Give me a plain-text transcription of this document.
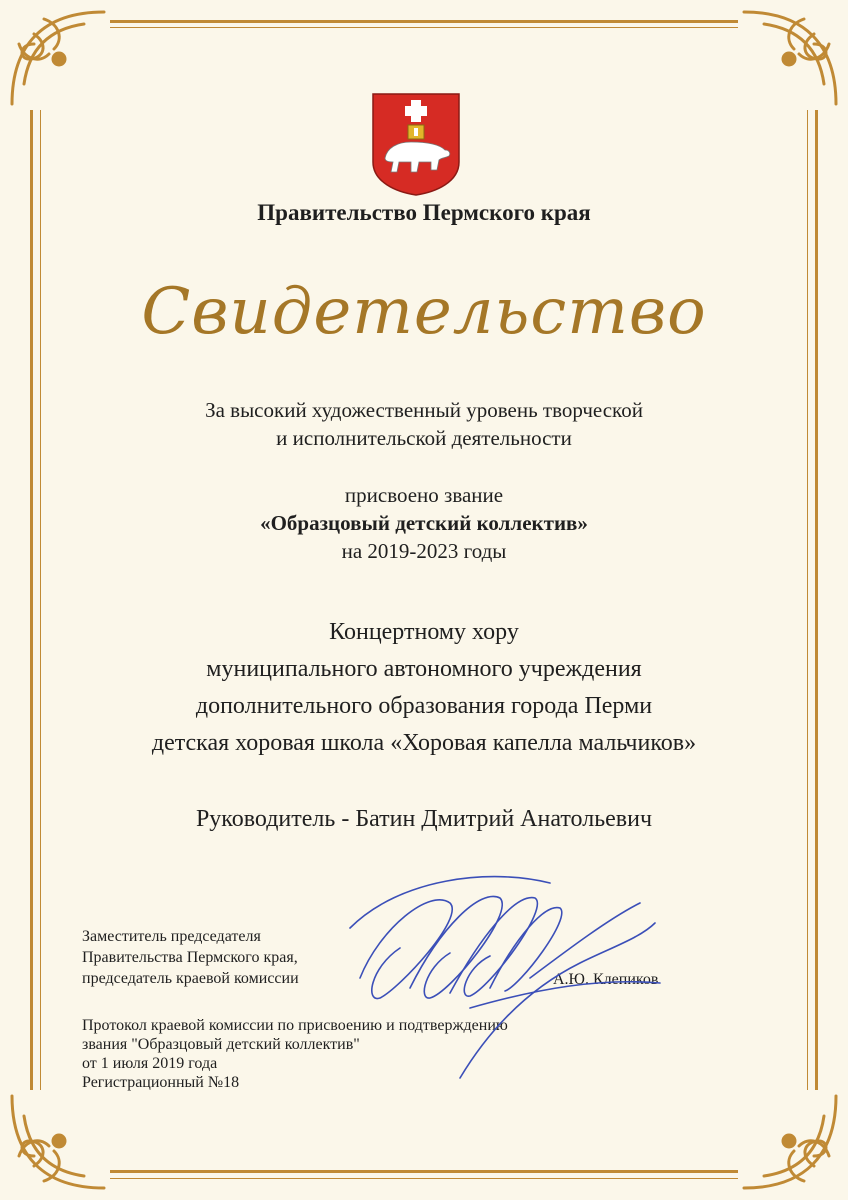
Правительство Пермского края
Свидетельство
За высокий художественный уровень творческой
и исполнительской деятельности
присвоено звание
«Образцовый детский коллектив»
на 2019-2023 годы
Концертному хору
муниципального автономного учреждения
дополнительного образования города Перми
детская хоровая школа «Хоровая капелла мальчиков»
Руководитель - Батин Дмитрий Анатольевич
Заместитель председателя
Правительства Пермского края,
председатель краевой комиссии	А.Ю. Клепиков
Протокол краевой комиссии по присвоению и подтверждению
звания "Образцовый детский коллектив"
от 1 июля 2019 года
Регистрационный №18
